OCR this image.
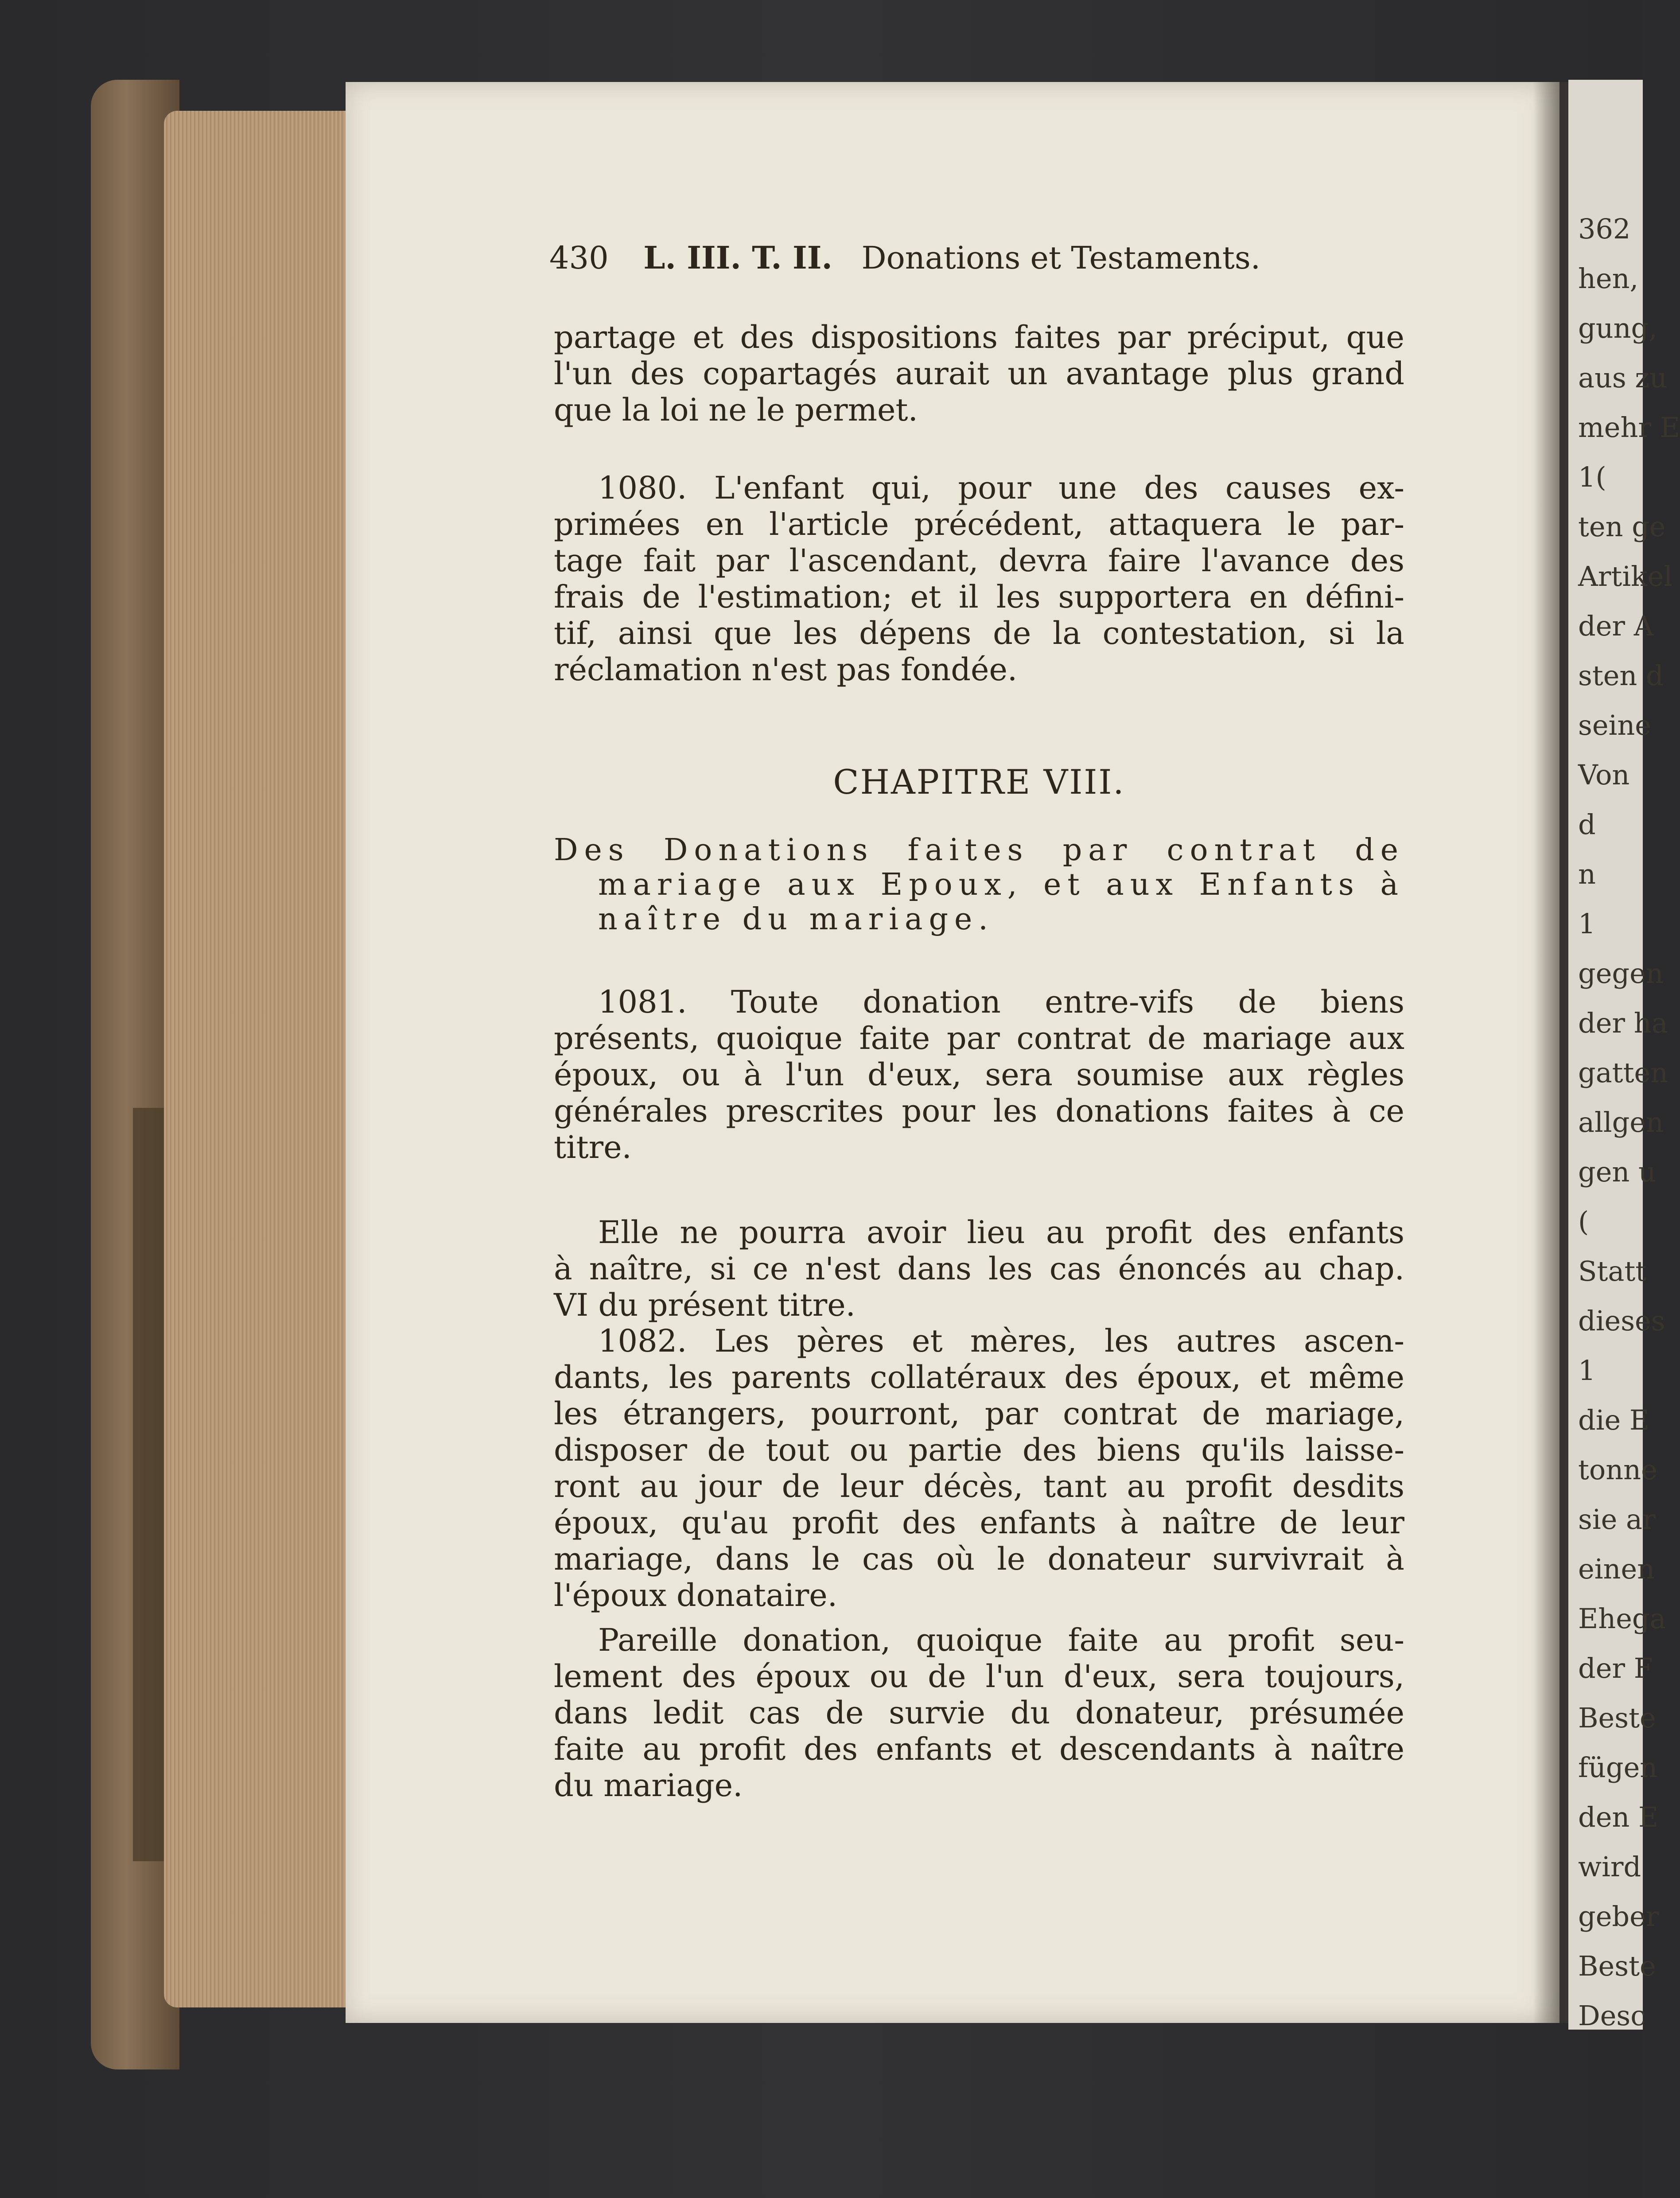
362
hen,
gung,
aus zu
mehr E
1(
ten ge
Artikel
der A
sten d
seine
Von
d
n
1
gegen
der ha
gatten
allgen
gen u
(
Statt
dieses
1
die E
tonne
sie ar
einen
Ehega
der F
Beste
fügen
den E
wird
geber
Beste
Desc
430 L. III. T. II. Donations et Testaments.
partage et des dispositions faites par préciput, que
l'un des copartagés aurait un avantage plus grand
que la loi ne le permet.
1080. L'enfant qui, pour une des causes ex-
primées en l'article précédent, attaquera le par-
tage fait par l'ascendant, devra faire l'avance des
frais de l'estimation; et il les supportera en défini-
tif, ainsi que les dépens de la contestation, si la
réclamation n'est pas fondée.
CHAPITRE VIII.
Des Donations faites par contrat de
mariage aux Epoux, et aux Enfants à
naître du mariage.
1081. Toute donation entre-vifs de biens
présents, quoique faite par contrat de mariage aux
époux, ou à l'un d'eux, sera soumise aux règles
générales prescrites pour les donations faites à ce
titre.
Elle ne pourra avoir lieu au profit des enfants
à naître, si ce n'est dans les cas énoncés au chap.
VI du présent titre.
1082. Les pères et mères, les autres ascen-
dants, les parents collatéraux des époux, et même
les étrangers, pourront, par contrat de mariage,
disposer de tout ou partie des biens qu'ils laisse-
ront au jour de leur décès, tant au profit desdits
époux, qu'au profit des enfants à naître de leur
mariage, dans le cas où le donateur survivrait à
l'époux donataire.
Pareille donation, quoique faite au profit seu-
lement des époux ou de l'un d'eux, sera toujours,
dans ledit cas de survie du donateur, présumée
faite au profit des enfants et descendants à naître
du mariage.
